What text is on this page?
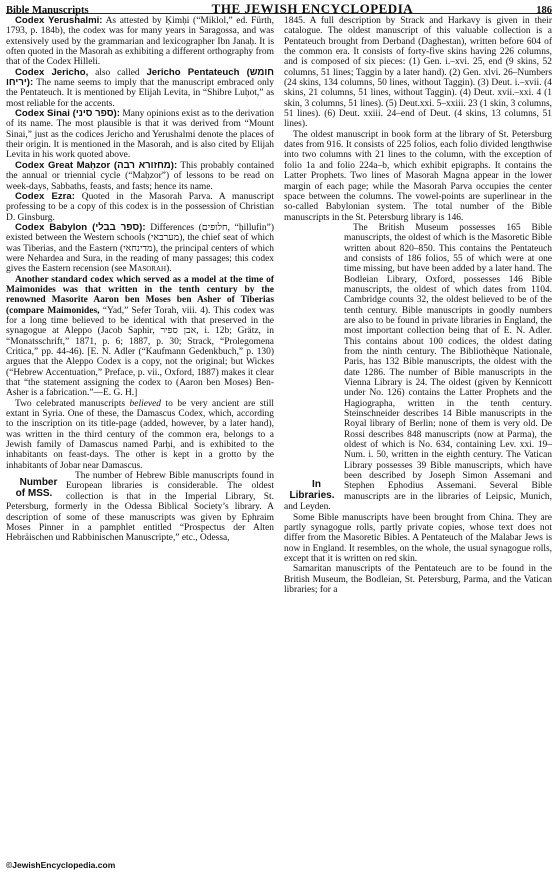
Bible Manuscripts	THE JEWISH ENCYCLOPEDIA	186

Codex Yerushalmi: As attested by Ḳimḥi (“Miklol,” ed. Fürth, 1793, p. 184b), the codex was for many years in Saragossa, and was extensively used by the grammarian and lexicographer Ibn Janaḥ. It is often quoted in the Masorah as exhibiting a different orthography from that of the Codex Hilleli.

Codex Jericho, also called Jericho Pentateuch (חומש יריחו): The name seems to imply that the manuscript embraced only the Pentateuch. It is mentioned by Elijah Levita, in “Shibre Luḥot,” as most reliable for the accents.

Codex Sinai (ספר סיני): Many opinions exist as to the derivation of its name. The most plausible is that it was derived from “Mount Sinai,” just as the codices Jericho and Yerushalmi denote the places of their origin. It is mentioned in the Masorah, and is also cited by Elijah Levita in his work quoted above.

Codex Great Maḥzor (מחזורא רבה): This probably contained the annual or triennial cycle (“Maḥzor”) of lessons to be read on week-days, Sabbaths, feasts, and fasts; hence its name.

Codex Ezra: Quoted in the Masorah Parva. A manuscript professing to be a copy of this codex is in the possession of Christian D. Ginsburg.

Codex Babylon (ספר בבלי): Differences (חלופים, “ḥillufin”) existed between the Western schools (מערבאי), the chief seat of which was Tiberias, and the Eastern (מדינחאי), the principal centers of which were Nehardea and Sura, in the reading of many passages; this codex gives the Eastern recension (see Masorah).

Another standard codex which served as a model at the time of Maimonides was that written in the tenth century by the renowned Masorite Aaron ben Moses ben Asher of Tiberias (compare Maimonides, “Yad,” Sefer Torah, viii. 4). This codex was for a long time believed to be identical with that preserved in the synagogue at Aleppo (Jacob Saphir, אבן ספיר, i. 12b; Grätz, in “Monatsschrift,” 1871, p. 6; 1887, p. 30; Strack, “Prolegomena Critica,” pp. 44-46). [E. N. Adler (“Kaufmann Gedenkbuch,” p. 130) argues that the Aleppo Codex is a copy, not the original; but Wickes (“Hebrew Accentuation,” Preface, p. vii., Oxford, 1887) makes it clear that “the statement assigning the codex to (Aaron ben Moses) Ben-Asher is a fabrication.”—E. G. H.]

Two celebrated manuscripts believed to be very ancient are still extant in Syria. One of these, the Damascus Codex, which, according to the inscription on its title-page (added, however, by a later hand), was written in the third century of the common era, belongs to a Jewish family of Damascus named Parḥi, and is exhibited to the inhabitants on feast-days. The other is kept in a grotto by the inhabitants of Jobar near Damascus.

Number of MSS.
The number of Hebrew Bible manuscripts found in European libraries is considerable. The oldest collection is that in the Imperial Library, St. Petersburg, formerly in the Odessa Biblical Society’s library. A description of some of these manuscripts was given by Ephraim Moses Pinner in a pamphlet entitled “Prospectus der Alten Hebräischen und Rabbinischen Manuscripte,” etc., Odessa,

1845. A full description by Strack and Harkavy is given in their catalogue. The oldest manuscript of this valuable collection is a Pentateuch brought from Derband (Daghestan), written before 604 of the common era. It consists of forty-five skins having 226 columns, and is composed of six pieces: (1) Gen. i.–xvi. 25, end (9 skins, 52 columns, 51 lines; Taggin by a later hand). (2) Gen. xlvi. 26–Numbers (24 skins, 134 columns, 50 lines, without Taggin). (3) Deut. i.–xvii. (4 skins, 21 columns, 51 lines, without Taggin). (4) Deut. xvii.–xxi. 4 (1 skin, 3 columns, 51 lines). (5) Deut.xxi. 5–xxiii. 23 (1 skin, 3 columns, 51 lines). (6) Deut. xxiii. 24–end of Deut. (4 skins, 13 columns, 51 lines).

The oldest manuscript in book form at the library of St. Petersburg dates from 916. It consists of 225 folios, each folio divided lengthwise into two columns with 21 lines to the column, with the exception of folio 1a and folio 224a–b, which exhibit epigraphs. It contains the Latter Prophets. Two lines of Masorah Magna appear in the lower margin of each page; while the Masorah Parva occupies the center space between the columns. The vowel-points are superlinear in the so-called Babylonian system. The total number of the Bible manuscripts in the St. Petersburg library is 146.

In Libraries.
The British Museum possesses 165 Bible manuscripts, the oldest of which is the Masoretic Bible written about 820–850. This contains the Pentateuch and consists of 186 folios, 55 of which were at one time missing, but have been added by a later hand. The Bodleian Library, Oxford, possesses 146 Bible manuscripts, the oldest of which dates from 1104. Cambridge counts 32, the oldest believed to be of the tenth century. Bible manuscripts in goodly numbers are also to be found in private libraries in England, the most important collection being that of E. N. Adler. This contains about 100 codices, the oldest dating from the ninth century. The Bibliothèque Nationale, Paris, has 132 Bible manuscripts, the oldest with the date 1286. The number of Bible manuscripts in the Vienna Library is 24. The oldest (given by Kennicott under No. 126) contains the Latter Prophets and the Hagiographa, written in the tenth century. Steinschneider describes 14 Bible manuscripts in the Royal library of Berlin; none of them is very old. De Rossi describes 848 manuscripts (now at Parma), the oldest of which is No. 634, containing Lev. xxi. 19–Num. i. 50, written in the eighth century. The Vatican Library possesses 39 Bible manuscripts, which have been described by Joseph Simon Assemani and Stephen Ephodius Assemani. Several Bible manuscripts are in the libraries of Leipsic, Munich, and Leyden.

Some Bible manuscripts have been brought from China. They are partly synagogue rolls, partly private copies, whose text does not differ from the Masoretic Bibles. A Pentateuch of the Malabar Jews is now in England. It resembles, on the whole, the usual synagogue rolls, except that it is written on red skin.

Samaritan manuscripts of the Pentateuch are to be found in the British Museum, the Bodleian, St. Petersburg, Parma, and the Vatican libraries; for a

©JewishEncyclopedia.com
